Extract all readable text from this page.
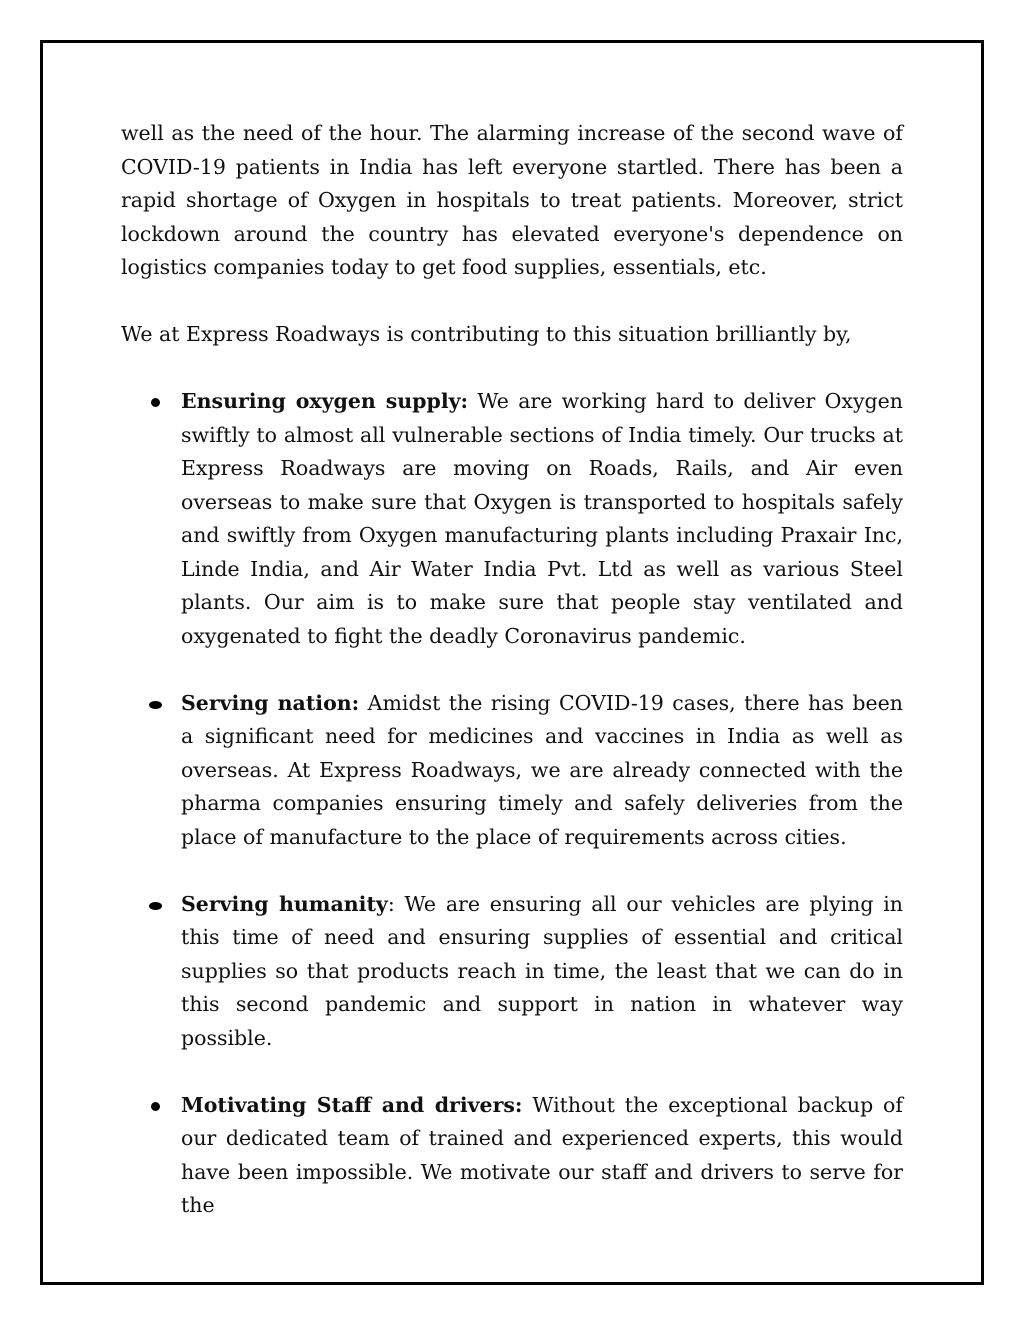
well as the need of the hour. The alarming increase of the second wave of COVID-19 patients in India has left everyone startled. There has been a rapid shortage of Oxygen in hospitals to treat patients. Moreover, strict lockdown around the country has elevated everyone's dependence on logistics companies today to get food supplies, essentials, etc.

We at Express Roadways is contributing to this situation brilliantly by,

Ensuring oxygen supply: We are working hard to deliver Oxygen swiftly to almost all vulnerable sections of India timely. Our trucks at Express Roadways are moving on Roads, Rails, and Air even overseas to make sure that Oxygen is transported to hospitals safely and swiftly from Oxygen manufacturing plants including Praxair Inc, Linde India, and Air Water India Pvt. Ltd as well as various Steel plants. Our aim is to make sure that people stay ventilated and oxygenated to fight the deadly Coronavirus pandemic.
Serving nation: Amidst the rising COVID-19 cases, there has been a significant need for medicines and vaccines in India as well as overseas. At Express Roadways, we are already connected with the pharma companies ensuring timely and safely deliveries from the place of manufacture to the place of requirements across cities.
Serving humanity: We are ensuring all our vehicles are plying in this time of need and ensuring supplies of essential and critical supplies so that products reach in time, the least that we can do in this second pandemic and support in nation in whatever way possible.
Motivating Staff and drivers: Without the exceptional backup of our dedicated team of trained and experienced experts, this would have been impossible. We motivate our staff and drivers to serve for the
